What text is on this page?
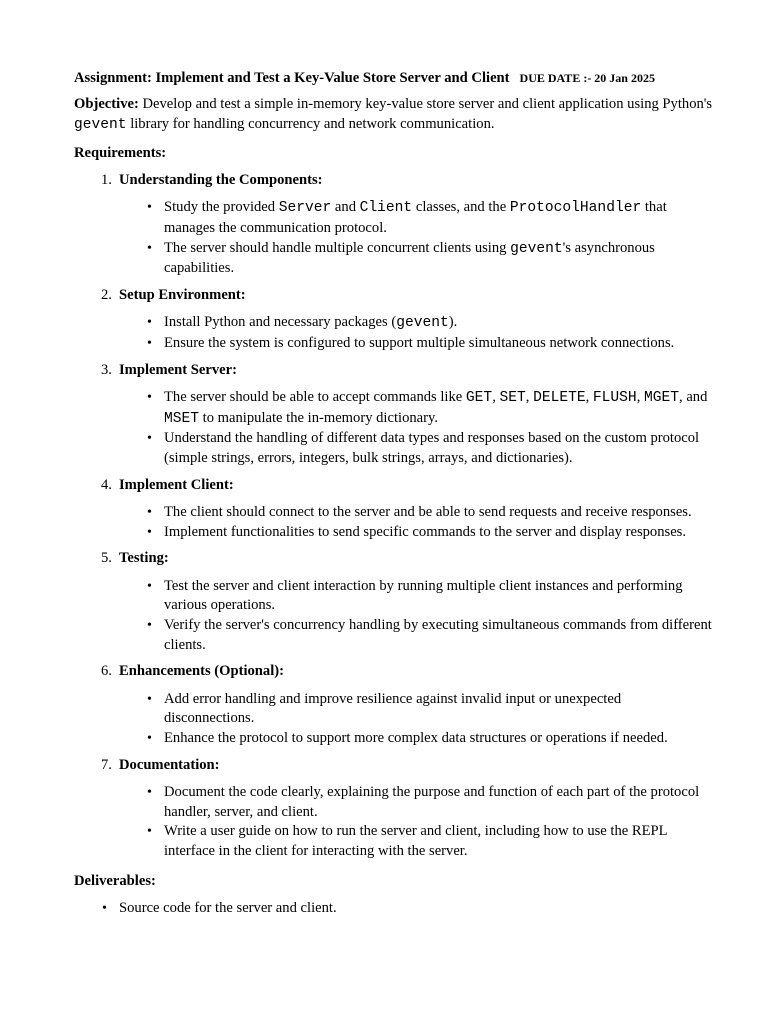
Assignment: Implement and Test a Key-Value Store Server and Client DUE DATE :- 20 Jan 2025

Objective: Develop and test a simple in-memory key-value store server and client application using Python's gevent library for handling concurrency and network communication.

Requirements:
1. Understanding the Components:
• Study the provided Server and Client classes, and the ProtocolHandler that manages the communication protocol.
• The server should handle multiple concurrent clients using gevent's asynchronous capabilities.
2. Setup Environment:
• Install Python and necessary packages (gevent).
• Ensure the system is configured to support multiple simultaneous network connections.
3. Implement Server:
• The server should be able to accept commands like GET, SET, DELETE, FLUSH, MGET, and MSET to manipulate the in-memory dictionary.
• Understand the handling of different data types and responses based on the custom protocol (simple strings, errors, integers, bulk strings, arrays, and dictionaries).
4. Implement Client:
• The client should connect to the server and be able to send requests and receive responses.
• Implement functionalities to send specific commands to the server and display responses.
5. Testing:
• Test the server and client interaction by running multiple client instances and performing various operations.
• Verify the server's concurrency handling by executing simultaneous commands from different clients.
6. Enhancements (Optional):
• Add error handling and improve resilience against invalid input or unexpected disconnections.
• Enhance the protocol to support more complex data structures or operations if needed.
7. Documentation:
• Document the code clearly, explaining the purpose and function of each part of the protocol handler, server, and client.
• Write a user guide on how to run the server and client, including how to use the REPL interface in the client for interacting with the server.
Deliverables:
• Source code for the server and client.
